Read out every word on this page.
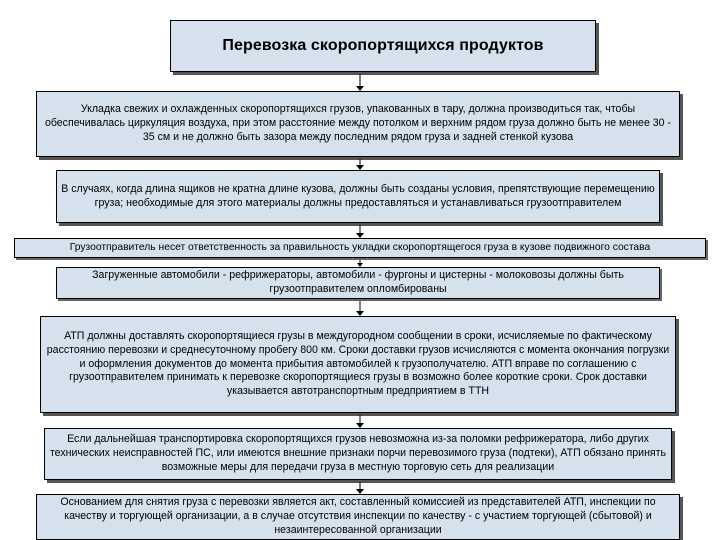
Перевозка скоропортящихся продуктов
Укладка свежих и охлажденных скоропортящихся грузов, упакованных в тару, должна производиться так, чтобы обеспечивалась циркуляция воздуха, при этом расстояние между потолком и верхним рядом груза должно быть не менее 30 - 35 см и не должно быть зазора между последним рядом груза и задней стенкой кузова
В случаях, когда длина ящиков не кратна длине кузова, должны быть созданы условия, препятствующие перемещению груза; необходимые для этого материалы должны предоставляться и устанавливаться грузоотправителем
Грузоотправитель несет ответственность за правильность укладки скоропортящегося груза в кузове подвижного состава
Загруженные автомобили - рефрижераторы, автомобили - фургоны и цистерны - молоковозы должны быть грузоотправителем опломбированы
АТП должны доставлять скоропортящиеся грузы в междугородном сообщении в сроки, исчисляемые по фактическому расстоянию перевозки и среднесуточному пробегу 800 км. Сроки доставки грузов исчисляются с момента окончания погрузки и оформления документов до момента прибытия автомобилей к грузополучателю. АТП вправе по соглашению с грузоотправителем принимать к перевозке скоропортящиеся грузы в возможно более короткие сроки. Срок доставки указывается автотранспортным предприятием в ТТН
Если дальнейшая транспортировка скоропортящихся грузов невозможна из-за поломки рефрижератора, либо других технических неисправностей ПС, или имеются внешние признаки порчи перевозимого груза (подтеки), АТП обязано принять возможные меры для передачи груза в местную торговую сеть для реализации
Основанием для снятия груза с перевозки является акт, составленный комиссией из представителей АТП, инспекции по качеству и торгующей организации, а в случае отсутствия инспекции по качеству - с участием торгующей (сбытовой) и незаинтересованной организации
